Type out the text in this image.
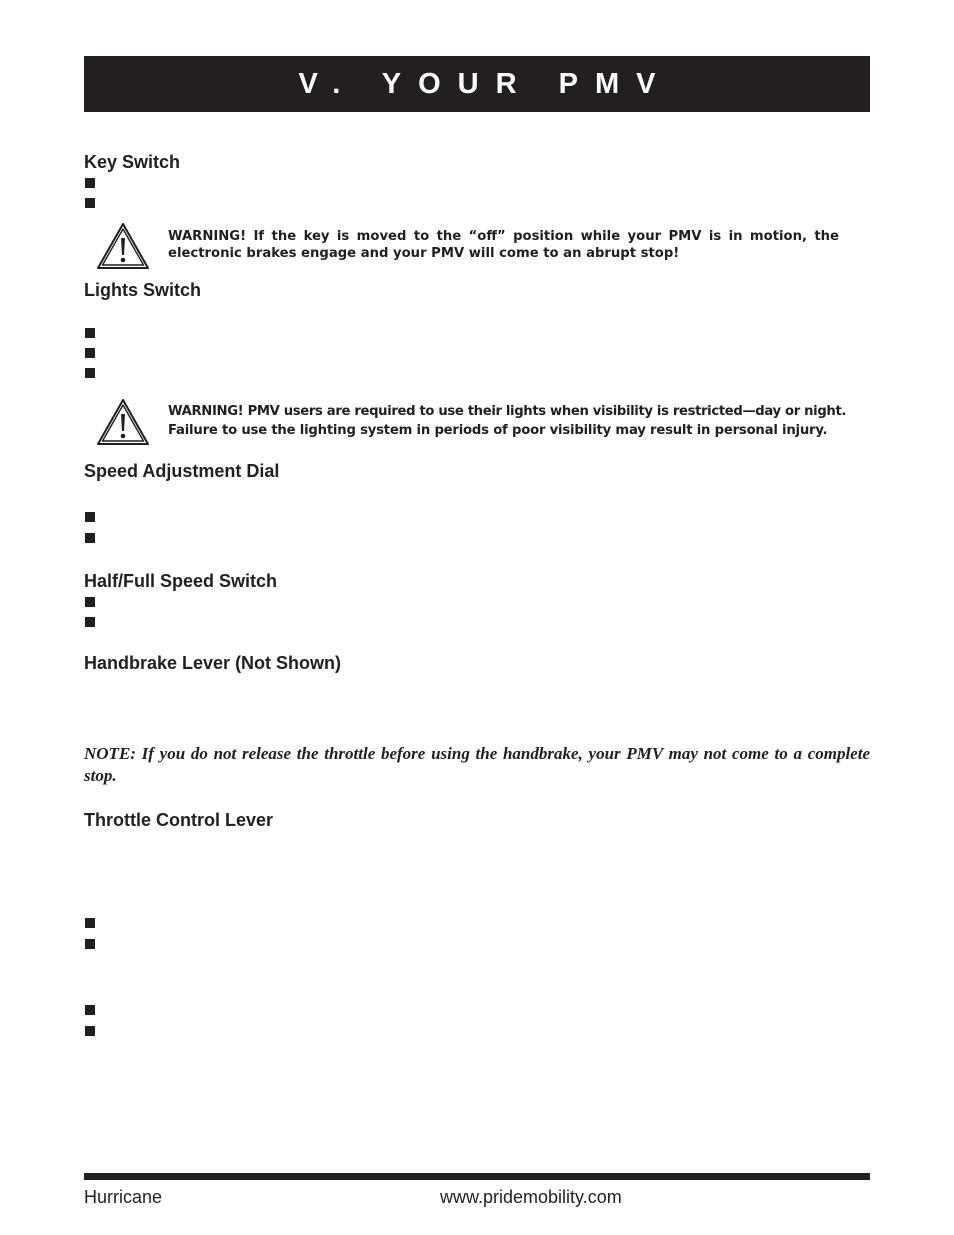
V. YOUR PMV
Key Switch
WARNING! If the key is moved to the “off” position while your PMV is in motion, the
electronic brakes engage and your PMV will come to an abrupt stop!
Lights Switch
WARNING! PMV users are required to use their lights when visibility is restricted—day or night.
Failure to use the lighting system in periods of poor visibility may result in personal injury.
Speed Adjustment Dial
Half/Full Speed Switch
Handbrake Lever (Not Shown)
NOTE: If you do not release the throttle before using the handbrake, your PMV may not come to a complete stop.
Throttle Control Lever
Hurricane	www.pridemobility.com
